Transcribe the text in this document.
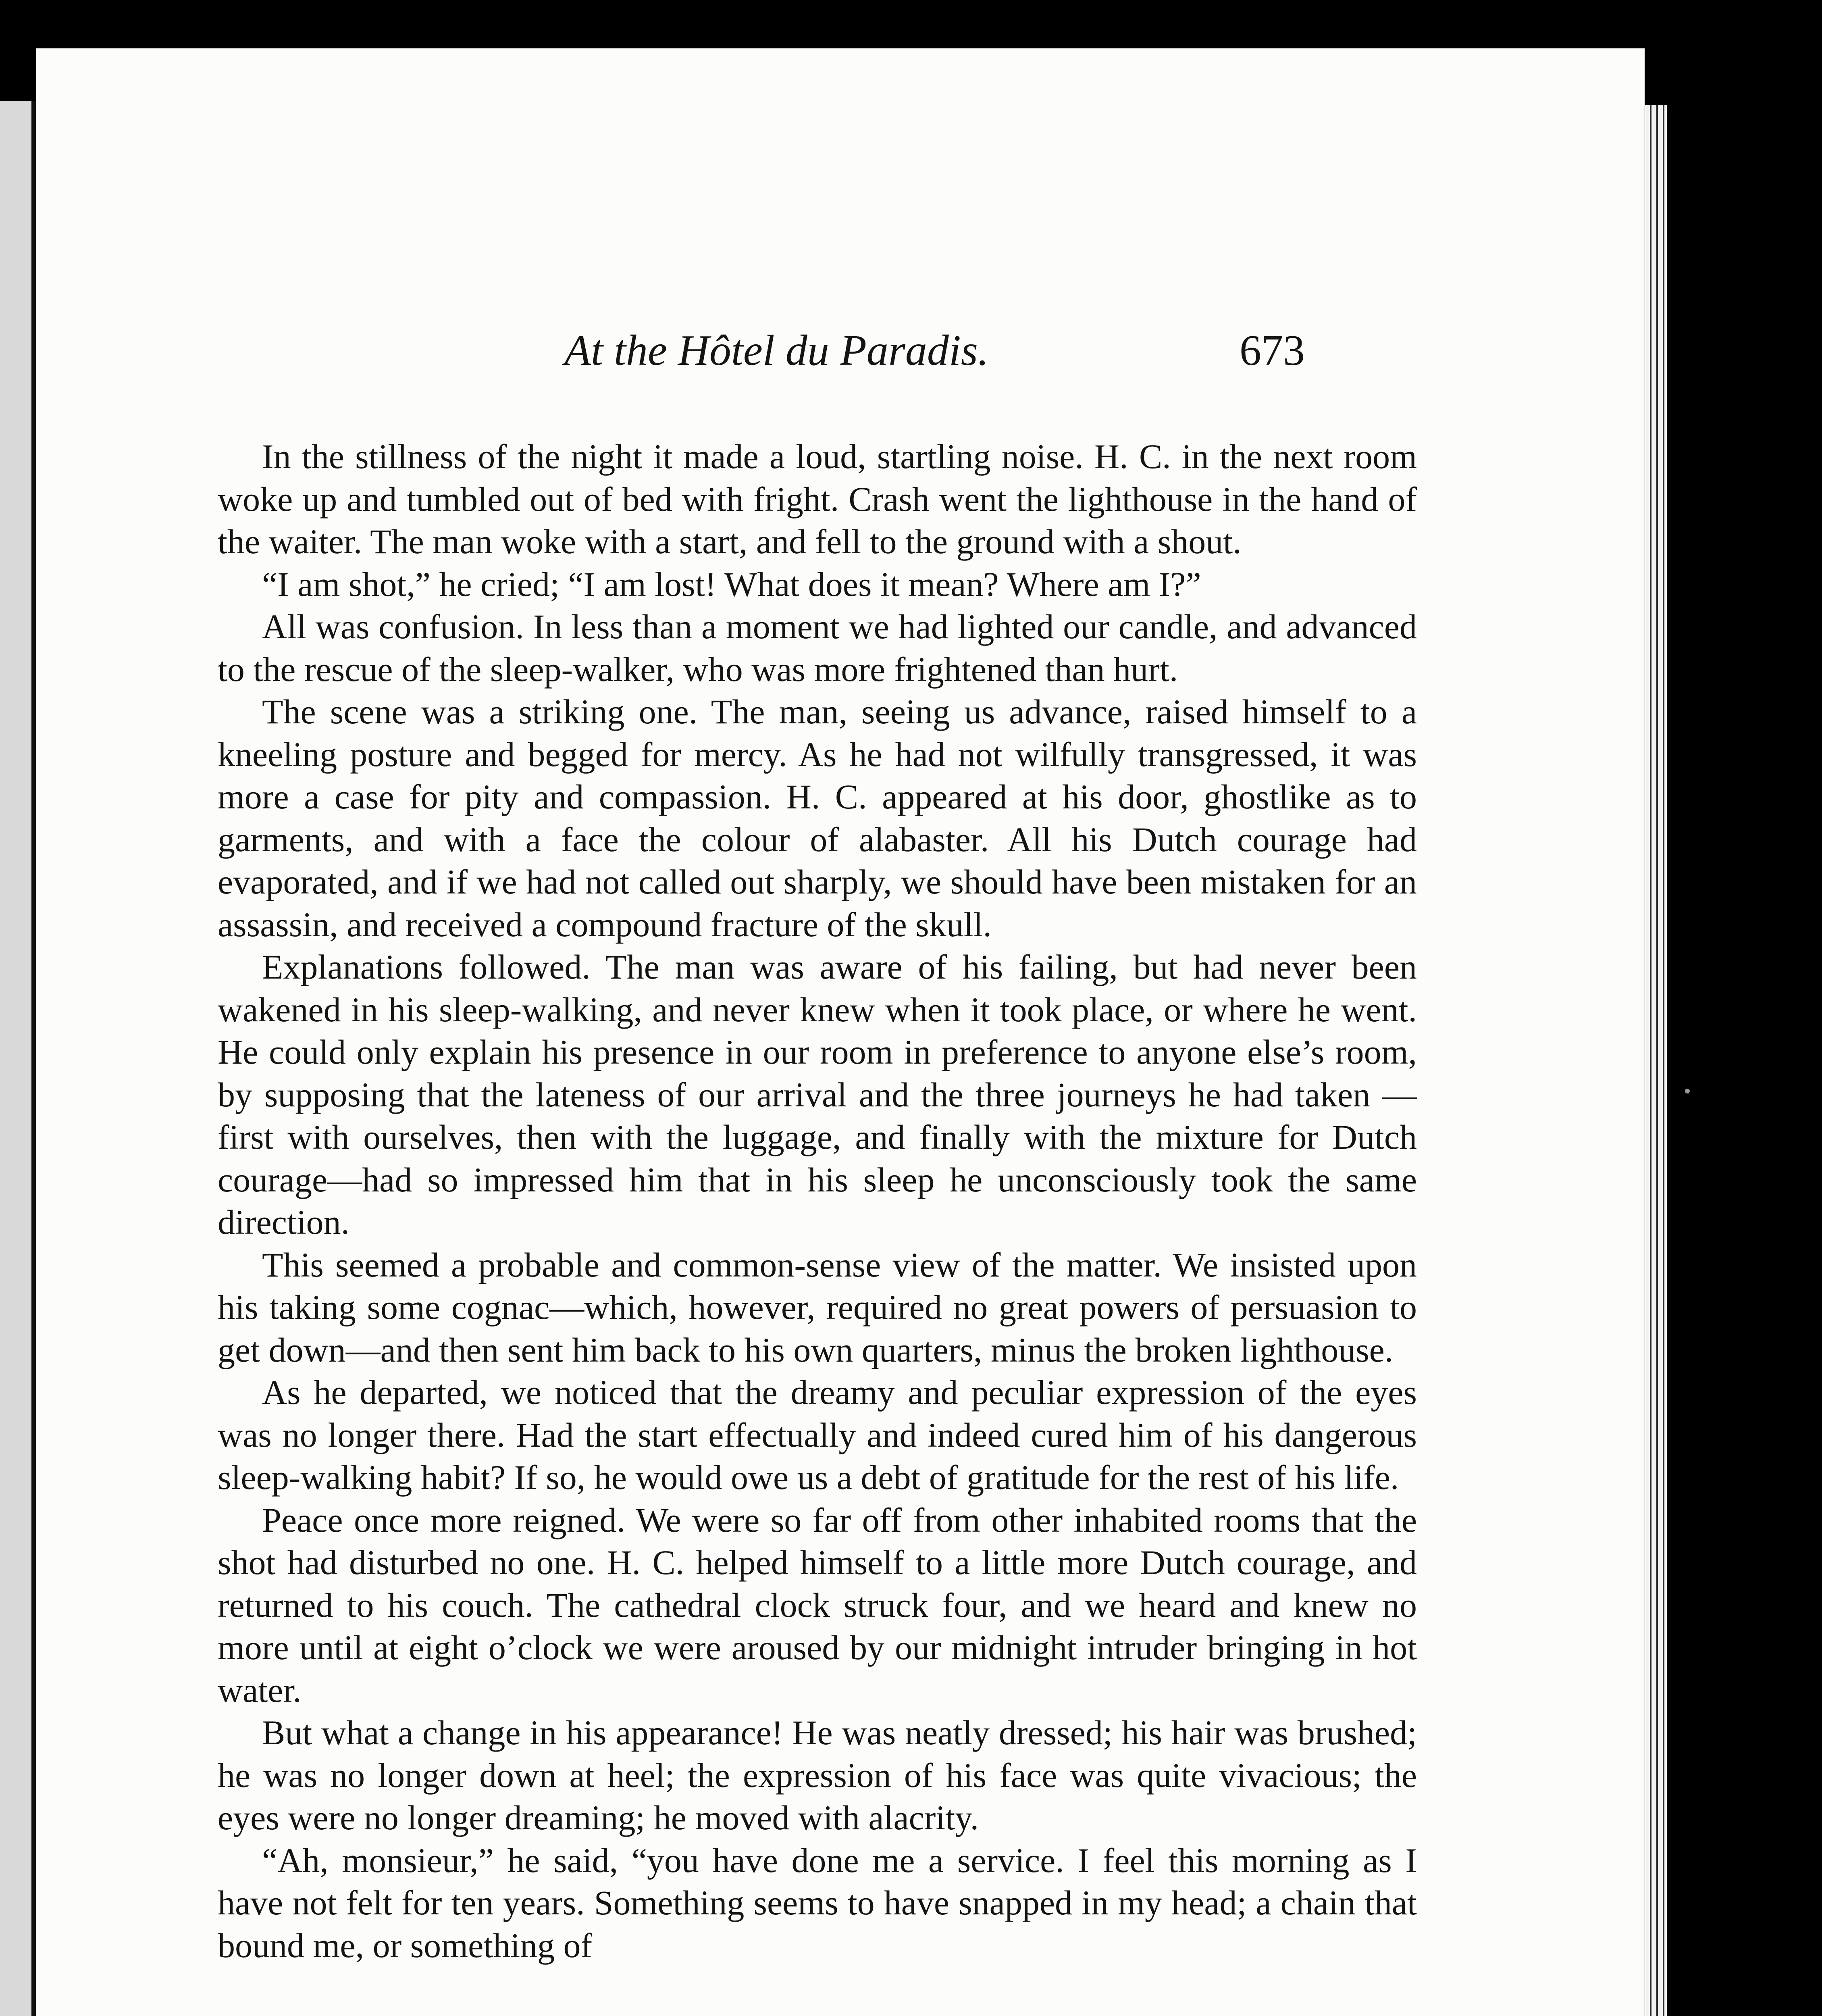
At the Hôtel du Paradis.	673

In the stillness of the night it made a loud, startling noise. H. C. in the next room woke up and tumbled out of bed with fright. Crash went the lighthouse in the hand of the waiter. The man woke with a start, and fell to the ground with a shout.

“I am shot,” he cried; “I am lost! What does it mean? Where am I?”

All was confusion. In less than a moment we had lighted our candle, and advanced to the rescue of the sleep-walker, who was more frightened than hurt.

The scene was a striking one. The man, seeing us advance, raised himself to a kneeling posture and begged for mercy. As he had not wilfully transgressed, it was more a case for pity and compassion. H. C. appeared at his door, ghostlike as to garments, and with a face the colour of alabaster. All his Dutch courage had evaporated, and if we had not called out sharply, we should have been mistaken for an assassin, and received a compound fracture of the skull.

Explanations followed. The man was aware of his failing, but had never been wakened in his sleep-walking, and never knew when it took place, or where he went. He could only explain his presence in our room in preference to anyone else’s room, by supposing that the lateness of our arrival and the three journeys he had taken —first with ourselves, then with the luggage, and finally with the mixture for Dutch courage—had so impressed him that in his sleep he unconsciously took the same direction.

This seemed a probable and common-sense view of the matter. We insisted upon his taking some cognac—which, however, required no great powers of persuasion to get down—and then sent him back to his own quarters, minus the broken lighthouse.

As he departed, we noticed that the dreamy and peculiar expression of the eyes was no longer there. Had the start effectually and indeed cured him of his dangerous sleep-walking habit? If so, he would owe us a debt of gratitude for the rest of his life.

Peace once more reigned. We were so far off from other inhabited rooms that the shot had disturbed no one. H. C. helped himself to a little more Dutch courage, and returned to his couch. The cathedral clock struck four, and we heard and knew no more until at eight o’clock we were aroused by our midnight intruder bringing in hot water.

But what a change in his appearance! He was neatly dressed; his hair was brushed; he was no longer down at heel; the expression of his face was quite vivacious; the eyes were no longer dreaming; he moved with alacrity.

“Ah, monsieur,” he said, “you have done me a service. I feel this morning as I have not felt for ten years. Something seems to have snapped in my head; a chain that bound me, or something of
